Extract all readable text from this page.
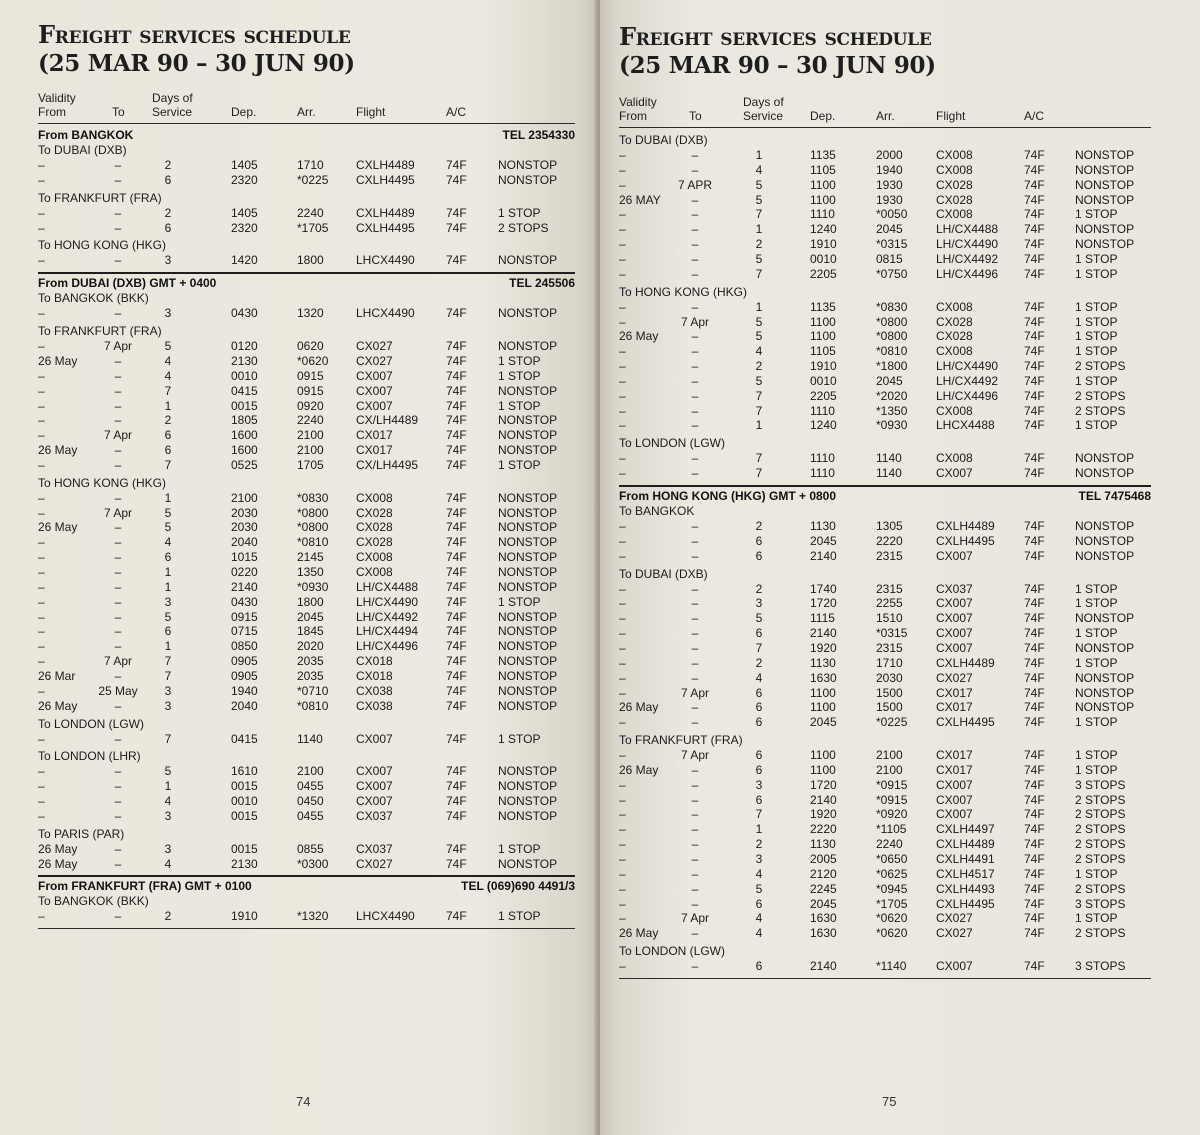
Freight services schedule
(25 MAR 90 – 30 JUN 90)
Validity
From	To
Days of
Service	Dep.	Arr.	Flight	A/C
From BANGKOK	TEL 2354330
To DUBAI (DXB)
–	–	2	1405	1710	CXLH4489	74F	NONSTOP
–	–	6	2320	*0225 CXLH4495	74F	NONSTOP
To FRANKFURT (FRA)
–	–	2	1405	2240	CXLH4489	74F	1 STOP
–	–	6	2320	*1705 CXLH4495	74F	2 STOPS
To HONG KONG (HKG)
–	–	3	1420	1800	LHCX4490	74F	NONSTOP
From DUBAI (DXB) GMT + 0400	TEL 245506
To BANGKOK (BKK)
–	–	3	0430	1320	LHCX4490	74F	NONSTOP
To FRANKFURT (FRA)
–	7 Apr	5	0120	0620	CX027	74F	NONSTOP
26 May	–	4	2130	*0620 CX027	74F	1 STOP
–	–	4	0010	0915	CX007	74F	1 STOP
–	–	7	0415	0915	CX007	74F	NONSTOP
–	–	1	0015	0920	CX007	74F	1 STOP
–	–	2	1805	2240	CX/LH4489 74F	NONSTOP
–	7 Apr	6	1600	2100	CX017	74F	NONSTOP
26 May	–	6	1600	2100	CX017	74F	NONSTOP
–	–	7	0525	1705	CX/LH4495 74F	1 STOP
To HONG KONG (HKG)
–	–	1	2100	*0830 CX008	74F	NONSTOP
–	7 Apr	5	2030	*0800 CX028	74F	NONSTOP
26 May	–	5	2030	*0800 CX028	74F	NONSTOP
–	–	4	2040	*0810 CX028	74F	NONSTOP
–	–	6	1015	2145	CX008	74F	NONSTOP
–	–	1	0220	1350	CX008	74F	NONSTOP
–	–	1	2140	*0930 LH/CX4488 74F	NONSTOP
–	–	3	0430	1800	LH/CX4490 74F	1 STOP
–	–	5	0915	2045	LH/CX4492 74F	NONSTOP
–	–	6	0715	1845	LH/CX4494 74F	NONSTOP
–	–	1	0850	2020	LH/CX4496 74F	NONSTOP
–	7 Apr	7	0905	2035	CX018	74F	NONSTOP
26 Mar	–	7	0905	2035	CX018	74F	NONSTOP
–	25 May	3	1940	*0710 CX038	74F	NONSTOP
26 May	–	3	2040	*0810 CX038	74F	NONSTOP
To LONDON (LGW)
–	–	7	0415	1140	CX007	74F	1 STOP
To LONDON (LHR)
–	–	5	1610	2100	CX007	74F	NONSTOP
–	–	1	0015	0455	CX007	74F	NONSTOP
–	–	4	0010	0450	CX007	74F	NONSTOP
–	–	3	0015	0455	CX037	74F	NONSTOP
To PARIS (PAR)
26 May	–	3	0015	0855	CX037	74F	1 STOP
26 May	–	4	2130	*0300 CX027	74F	NONSTOP
From FRANKFURT (FRA) GMT + 0100	TEL (069)690 4491/3
To BANGKOK (BKK)
–	–	2	1910	*1320 LHCX4490	74F	1 STOP
74
Freight services schedule
(25 MAR 90 – 30 JUN 90)
Validity
From	To
Days of
Service Dep.	Arr.	Flight	A/C
To DUBAI (DXB)
–	–	1	1135	2000	CX008	74F	NONSTOP
–	–	4	1105	1940	CX008	74F	NONSTOP
–	7 APR	5	1100	1930	CX028	74F	NONSTOP
26 MAY	–	5	1100	1930	CX028	74F	NONSTOP
–	–	7	1110	*0050 CX008	74F	1 STOP
–	–	1	1240	2045	LH/CX4488 74F	NONSTOP
–	–	2	1910	*0315 LH/CX4490 74F	NONSTOP
–	–	5	0010	0815	LH/CX4492 74F	1 STOP
–	–	7	2205	*0750 LH/CX4496 74F	1 STOP
To HONG KONG (HKG)
–	–	1	1135	*0830 CX008	74F	1 STOP
–	7 Apr	5	1100	*0800 CX028	74F	1 STOP
26 May	–	5	1100	*0800 CX028	74F	1 STOP
–	–	4	1105	*0810 CX008	74F	1 STOP
–	–	2	1910	*1800 LH/CX4490 74F	2 STOPS
–	–	5	0010	2045	LH/CX4492 74F	1 STOP
–	–	7	2205	*2020 LH/CX4496 74F	2 STOPS
–	–	7	1110	*1350 CX008	74F	2 STOPS
–	–	1	1240	*0930 LHCX4488 74F	1 STOP
To LONDON (LGW)
–	–	7	1110	1140	CX008	74F	NONSTOP
–	–	7	1110	1140	CX007	74F	NONSTOP
From HONG KONG (HKG) GMT + 0800	TEL 7475468
To BANGKOK
–	–	2	1130	1305	CXLH4489 74F	NONSTOP
–	–	6	2045	2220	CXLH4495 74F	NONSTOP
–	–	6	2140	2315	CX007	74F	NONSTOP
To DUBAI (DXB)
–	–	2	1740	2315	CX037	74F	1 STOP
–	–	3	1720	2255	CX007	74F	1 STOP
–	–	5	1115	1510	CX007	74F	NONSTOP
–	–	6	2140	*0315 CX007	74F	1 STOP
–	–	7	1920	2315	CX007	74F	NONSTOP
–	–	2	1130	1710	CXLH4489 74F	1 STOP
–	–	4	1630	2030	CX027	74F	NONSTOP
–	7 Apr	6	1100	1500	CX017	74F	NONSTOP
26 May	–	6	1100	1500	CX017	74F	NONSTOP
–	–	6	2045	*0225 CXLH4495 74F	1 STOP
To FRANKFURT (FRA)
–	7 Apr	6	1100	2100	CX017	74F	1 STOP
26 May	–	6	1100	2100	CX017	74F	1 STOP
–	–	3	1720	*0915 CX007	74F	3 STOPS
–	–	6	2140	*0915 CX007	74F	2 STOPS
–	–	7	1920	*0920 CX007	74F	2 STOPS
–	–	1	2220	*1105 CXLH4497 74F	2 STOPS
–	–	2	1130	2240	CXLH4489 74F	2 STOPS
–	–	3	2005	*0650 CXLH4491 74F	2 STOPS
–	–	4	2120	*0625 CXLH4517 74F	1 STOP
–	–	5	2245	*0945 CXLH4493 74F	2 STOPS
–	–	6	2045	*1705 CXLH4495 74F	3 STOPS
–	7 Apr	4	1630	*0620 CX027	74F	1 STOP
26 May	–	4	1630	*0620 CX027	74F	2 STOPS
To LONDON (LGW)
–	–	6	2140	*1140 CX007	74F	3 STOPS
75
